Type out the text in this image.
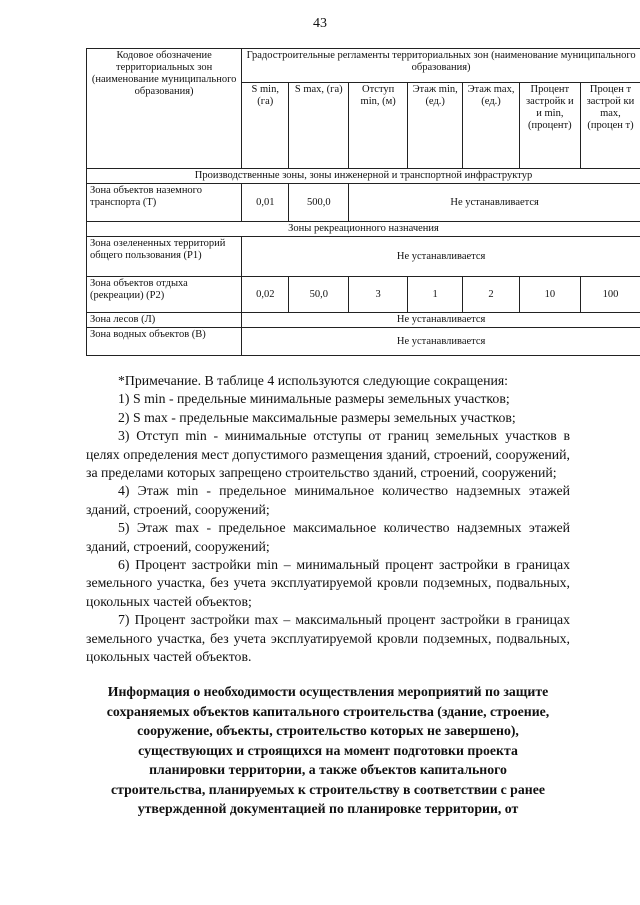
43
Кодовое обозначение территориальных зон (наименование муниципального образования)	Градостроительные регламенты территориальных зон (наименование муниципального образования)						
	S min, (га)	S max, (га)	Отступ min, (м)	Этаж min, (ед.)	Этаж max, (ед.)	Процент застройк и и min, (процент)	Процен т застрой ки max, (процен т)
Производственные зоны, зоны инженерной и транспортной инфраструктур							
Зона объектов наземного транспорта (Т)	0,01	500,0	Не устанавливается				
Зоны рекреационного назначения							
Зона озелененных территорий общего пользования (Р1)	Не устанавливается						
Зона объектов отдыха (рекреации) (Р2)	0,02	50,0	3	1	2	10	100
Зона лесов (Л)	Не устанавливается						
Зона водных объектов (В)	Не устанавливается						

*Примечание. В таблице 4 используются следующие сокращения:

1) S min - предельные минимальные размеры земельных участков;

2) S max - предельные максимальные размеры земельных участков;

3) Отступ min - минимальные отступы от границ земельных участков в целях определения мест допустимого размещения зданий, строений, сооружений, за пределами которых запрещено строительство зданий, строений, сооружений;

4) Этаж min - предельное минимальное количество надземных этажей зданий, строений, сооружений;

5) Этаж max - предельное максимальное количество надземных этажей зданий, строений, сооружений;

6) Процент застройки min – минимальный процент застройки в границах земельного участка, без учета эксплуатируемой кровли подземных, подвальных, цокольных частей объектов;

7) Процент застройки max – максимальный процент застройки в границах земельного участка, без учета эксплуатируемой кровли подземных, подвальных, цокольных частей объектов.

Информация о необходимости осуществления мероприятий по защите

сохраняемых объектов капитального строительства (здание, строение,

сооружение, объекты, строительство которых не завершено),

существующих и строящихся на момент подготовки проекта

планировки территории, а также объектов капитального

строительства, планируемых к строительству в соответствии с ранее

утвержденной документацией по планировке территории, от
